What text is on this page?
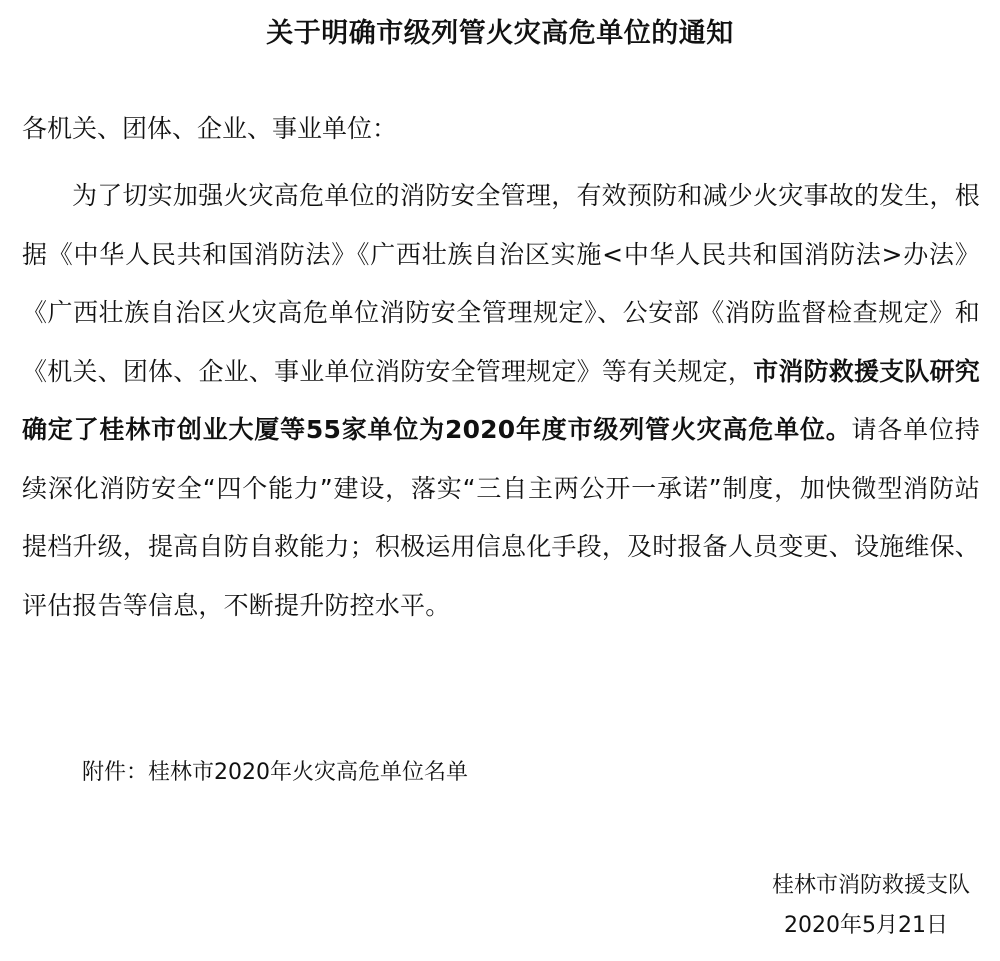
关于明确市级列管火灾高危单位的通知
各机关、团体、企业、事业单位：

为了切实加强火灾高危单位的消防安全管理，有效预防和减少火灾事故的发生，根据《中华人民共和国消防法》《广西壮族自治区实施<中华人民共和国消防法>办法》《广西壮族自治区火灾高危单位消防安全管理规定》、公安部《消防监督检查规定》和《机关、团体、企业、事业单位消防安全管理规定》等有关规定，市消防救援支队研究确定了桂林市创业大厦等55家单位为2020年度市级列管火灾高危单位。请各单位持续深化消防安全“四个能力”建设，落实“三自主两公开一承诺”制度，加快微型消防站提档升级，提高自防自救能力；积极运用信息化手段，及时报备人员变更、设施维保、评估报告等信息，不断提升防控水平。

附件：桂林市2020年火灾高危单位名单
桂林市消防救援支队
2020年5月21日
